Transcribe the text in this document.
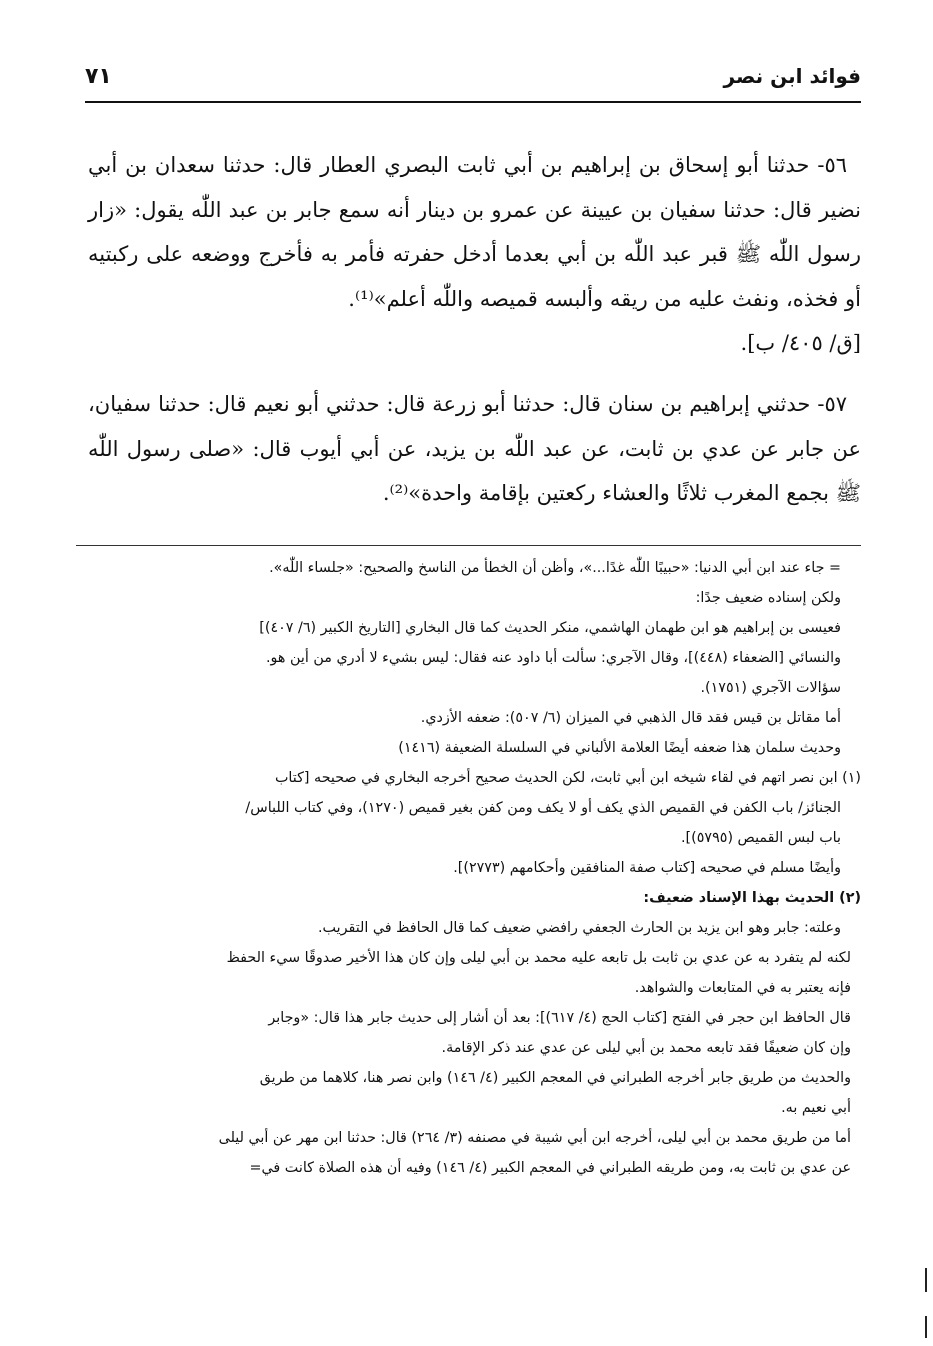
٧١	فوائد ابن نصر

٥٦- حدثنا أبو إسحاق بن إبراهيم بن أبي ثابت البصري العطار قال: حدثنا سعدان بن أبي نضير قال: حدثنا سفيان بن عيينة عن عمرو بن دينار أنه سمع جابر بن عبد اللّٰه يقول: «زار رسول اللّٰه ﷺ قبر عبد اللّٰه بن أبي بعدما أدخل حفرته فأمر به فأخرج ووضعه على ركبتيه أو فخذه، ونفث عليه من ريقه وألبسه قميصه واللّٰه أعلم»⁽¹⁾.

[ق/ ٤٠٥/ ب].

٥٧- حدثني إبراهيم بن سنان قال: حدثنا أبو زرعة قال: حدثني أبو نعيم قال: حدثنا سفيان، عن جابر عن عدي بن ثابت، عن عبد اللّٰه بن يزيد، عن أبي أيوب قال: «صلى رسول اللّٰه ﷺ بجمع المغرب ثلاثًا والعشاء ركعتين بإقامة واحدة»⁽²⁾.

= جاء عند ابن أبي الدنيا: «حبيبًا اللّٰه غدًا...»، وأظن أن الخطأ من الناسخ والصحيح: «جلساء اللّٰه».

ولكن إسناده ضعيف جدًا:

فعيسى بن إبراهيم هو ابن طهمان الهاشمي، منكر الحديث كما قال البخاري [التاريخ الكبير (٦/ ٤٠٧)]

والنسائي [الضعفاء (٤٤٨)]، وقال الآجري: سألت أبا داود عنه فقال: ليس بشيء لا أدري من أين هو.

سؤالات الآجري (١٧٥١).

أما مقاتل بن قيس فقد قال الذهبي في الميزان (٦/ ٥٠٧): ضعفه الأزدي.

وحديث سلمان هذا ضعفه أيضًا العلامة الألباني في السلسلة الضعيفة (١٤١٦)

(١) ابن نصر اتهم في لقاء شيخه ابن أبي ثابت، لكن الحديث صحيح أخرجه البخاري في صحيحه [كتاب

الجنائز/ باب الكفن في القميص الذي يكف أو لا يكف ومن كفن بغير قميص (١٢٧٠)، وفي كتاب اللباس/

باب لبس القميص (٥٧٩٥)].

وأيضًا مسلم في صحيحه [كتاب صفة المنافقين وأحكامهم (٢٧٧٣)].

(٢) الحديث بهذا الإسناد ضعيف:

وعلته: جابر وهو ابن يزيد بن الحارث الجعفي رافضي ضعيف كما قال الحافظ في التقريب.

لكنه لم يتفرد به عن عدي بن ثابت بل تابعه عليه محمد بن أبي ليلى وإن كان هذا الأخير صدوقًا سيء الحفظ

فإنه يعتبر به في المتابعات والشواهد.

قال الحافظ ابن حجر في الفتح [كتاب الحج (٤/ ٦١٧)]: بعد أن أشار إلى حديث جابر هذا قال: «وجابر

وإن كان ضعيفًا فقد تابعه محمد بن أبي ليلى عن عدي عند ذكر الإقامة.

والحديث من طريق جابر أخرجه الطبراني في المعجم الكبير (٤/ ١٤٦) وابن نصر هنا، كلاهما من طريق

أبي نعيم به.

أما من طريق محمد بن أبي ليلى، أخرجه ابن أبي شيبة في مصنفه (٣/ ٢٦٤) قال: حدثنا ابن مهر عن أبي ليلى

عن عدي بن ثابت به، ومن طريقه الطبراني في المعجم الكبير (٤/ ١٤٦) وفيه أن هذه الصلاة كانت في=
